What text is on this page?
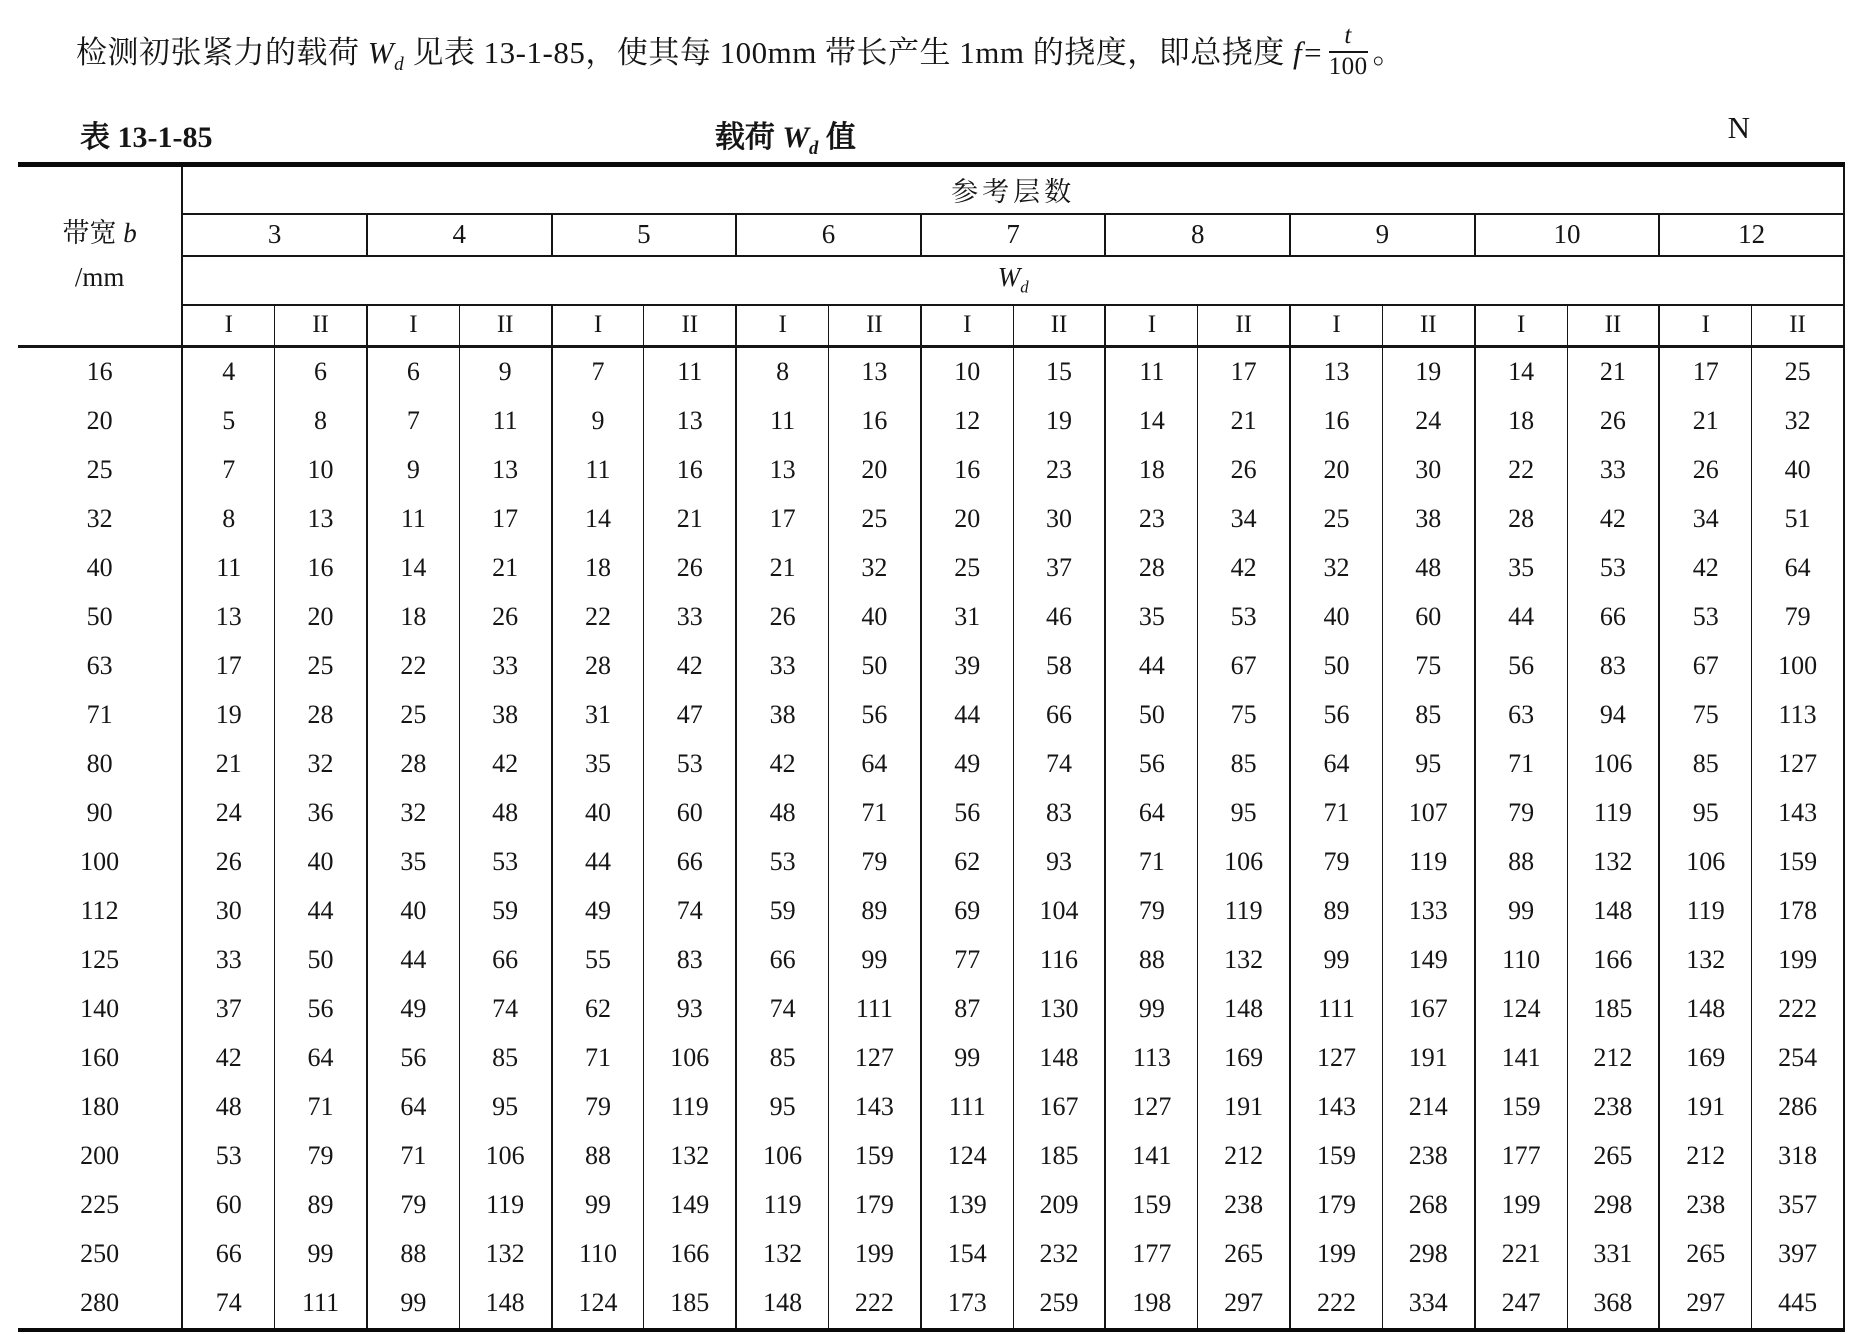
检测初张紧力的载荷 $W_d$ 见表 13-1-85，使其每 100mm 带长产生 1mm 的挠度，即总挠度 $f= \frac{t}{100}$ 。
表 13-1-85	载荷 $W_d$ 值	N
带宽 b
/mm	参考层数																	
	3		4		5		6		7		8		9		10		12	
	$W_d$
	I	II	I	II	I	II	I	II	I	II	I	II	I	II	I	II	I	II
16	4	6	6	9	7	11	8	13	10	15	11	17	13	19	14	21	17	25
20	5	8	7	11	9	13	11	16	12	19	14	21	16	24	18	26	21	32
25	7	10	9	13	11	16	13	20	16	23	18	26	20	30	22	33	26	40
32	8	13	11	17	14	21	17	25	20	30	23	34	25	38	28	42	34	51
40	11	16	14	21	18	26	21	32	25	37	28	42	32	48	35	53	42	64
50	13	20	18	26	22	33	26	40	31	46	35	53	40	60	44	66	53	79
63	17	25	22	33	28	42	33	50	39	58	44	67	50	75	56	83	67	100
71	19	28	25	38	31	47	38	56	44	66	50	75	56	85	63	94	75	113
80	21	32	28	42	35	53	42	64	49	74	56	85	64	95	71	106	85	127
90	24	36	32	48	40	60	48	71	56	83	64	95	71	107	79	119	95	143
100	26	40	35	53	44	66	53	79	62	93	71	106	79	119	88	132	106	159
112	30	44	40	59	49	74	59	89	69	104	79	119	89	133	99	148	119	178
125	33	50	44	66	55	83	66	99	77	116	88	132	99	149	110	166	132	199
140	37	56	49	74	62	93	74	111	87	130	99	148	111	167	124	185	148	222
160	42	64	56	85	71	106	85	127	99	148	113	169	127	191	141	212	169	254
180	48	71	64	95	79	119	95	143	111	167	127	191	143	214	159	238	191	286
200	53	79	71	106	88	132	106	159	124	185	141	212	159	238	177	265	212	318
225	60	89	79	119	99	149	119	179	139	209	159	238	179	268	199	298	238	357
250	66	99	88	132	110	166	132	199	154	232	177	265	199	298	221	331	265	397
280	74	111	99	148	124	185	148	222	173	259	198	297	222	334	247	368	297	445
